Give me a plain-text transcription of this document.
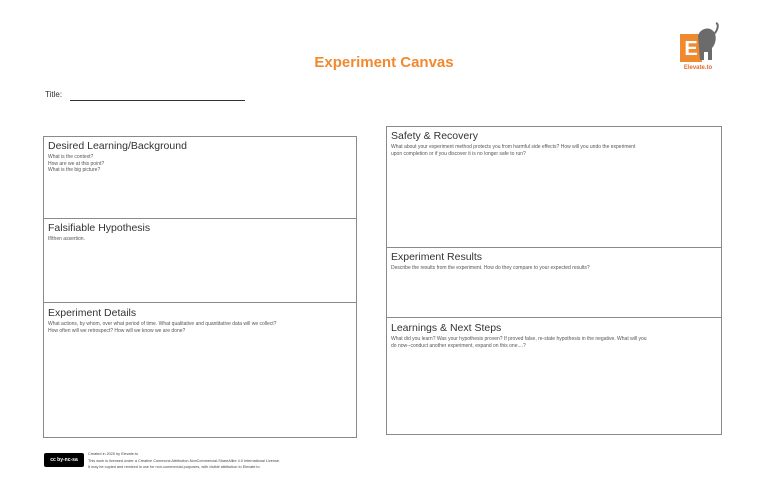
Experiment Canvas
E
Elevate.to
Title:
Desired Learning/Background

What is the context?

How are we at this point?

What is the big picture?

Falsifiable Hypothesis

If/then assertion.

Experiment Details

What actions, by whom, over what period of time. What qualitative and quantitative data will we collect?

How often will we retrospect? How will we know we are done?

Safety & Recovery

What about your experiment method protects you from harmful side effects? How will you undo the experiment

upon completion or if you discover it is no longer safe to run?

Experiment Results

Describe the results from the experiment. How do they compare to your expected results?

Learnings & Next Steps

What did you learn? Was your hypothesis proven? If proved false, re-state hypothesis in the negative. What will you

do now--conduct another experiment, expand on this one....?

cc by-nc-sa
Created in 2020 by Elevate.to
This work is licensed under a Creative Commons Attribution-NonCommercial-ShareAlike 4.0 International License.
It may be copied and remixed in use for non-commercial purposes, with visible attribution to Elevate.to
